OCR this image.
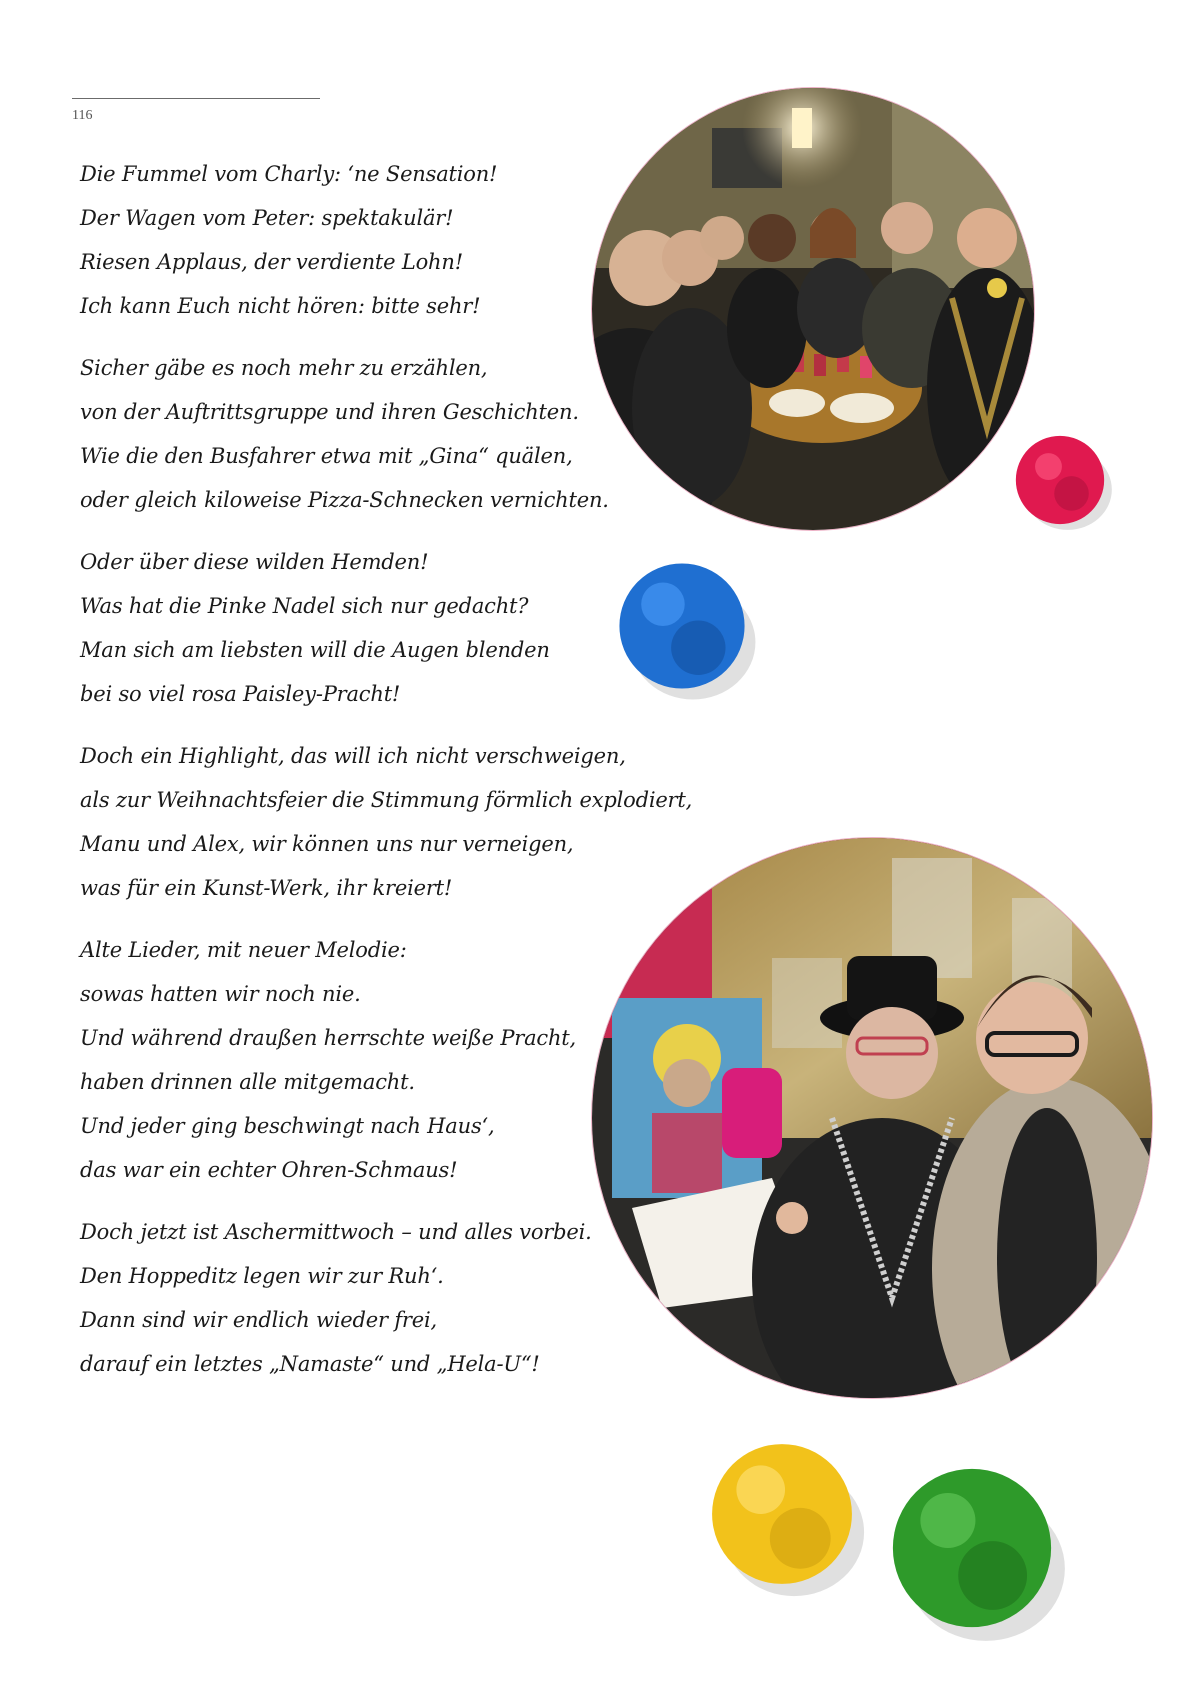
116
Die Fummel vom Charly: ‘ne Sensation!
Der Wagen vom Peter: spektakulär!
Riesen Applaus, der verdiente Lohn!
Ich kann Euch nicht hören: bitte sehr!
Sicher gäbe es noch mehr zu erzählen,
von der Auftrittsgruppe und ihren Geschichten.
Wie die den Busfahrer etwa mit „Gina“ quälen,
oder gleich kiloweise Pizza-Schnecken vernichten.
Oder über diese wilden Hemden!
Was hat die Pinke Nadel sich nur gedacht?
Man sich am liebsten will die Augen blenden
bei so viel rosa Paisley-Pracht!
Doch ein Highlight, das will ich nicht verschweigen,
als zur Weihnachtsfeier die Stimmung förmlich explodiert,
Manu und Alex, wir können uns nur verneigen,
was für ein Kunst-Werk, ihr kreiert!
Alte Lieder, mit neuer Melodie:
sowas hatten wir noch nie.
Und während draußen herrschte weiße Pracht,
haben drinnen alle mitgemacht.
Und jeder ging beschwingt nach Haus‘,
das war ein echter Ohren-Schmaus!
Doch jetzt ist Aschermittwoch – und alles vorbei.
Den Hoppeditz legen wir zur Ruh‘.
Dann sind wir endlich wieder frei,
darauf ein letztes „Namaste“ und „Hela-U“!
